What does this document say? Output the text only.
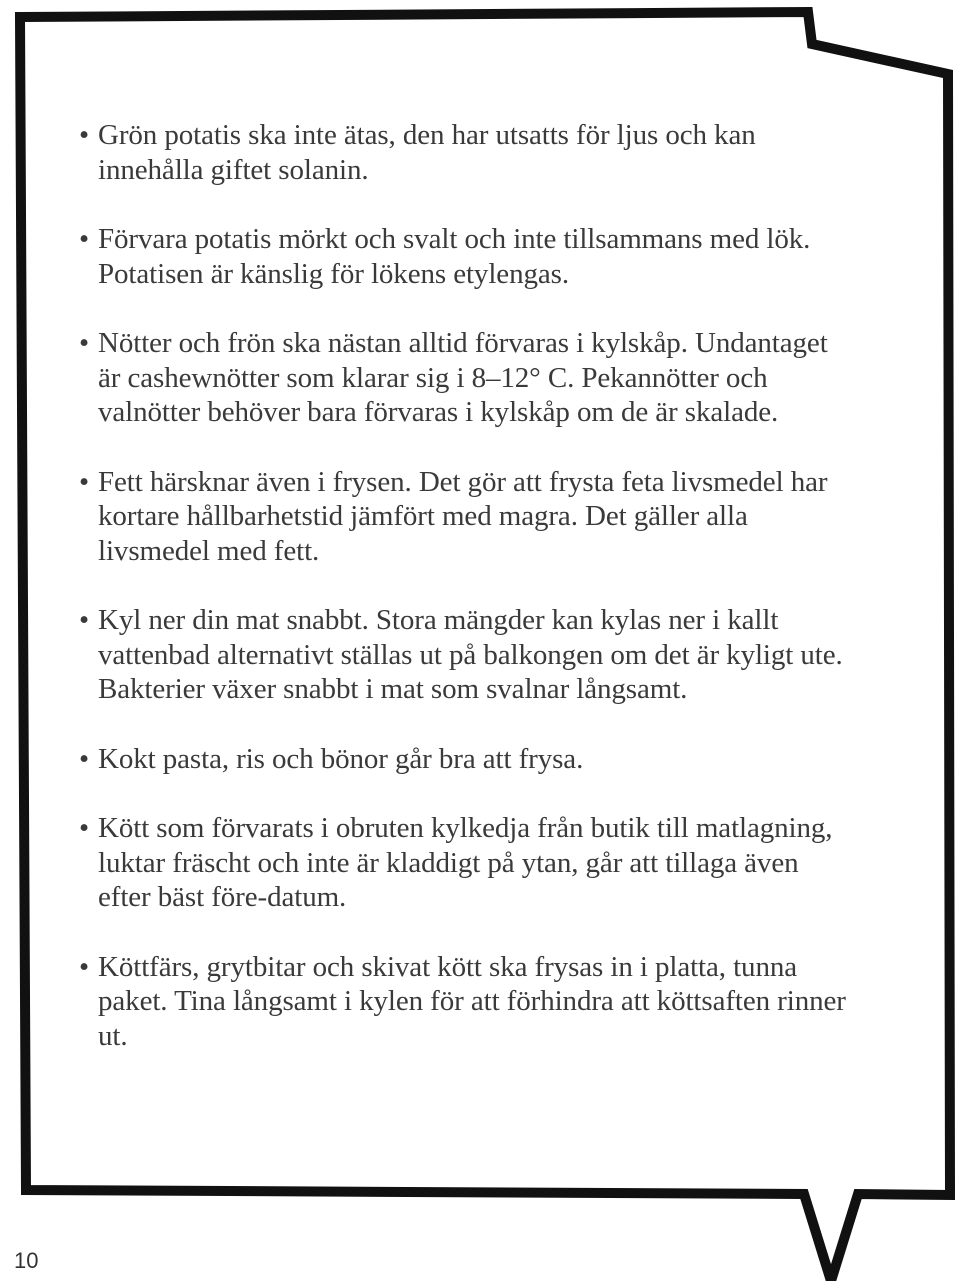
• Grön potatis ska inte ätas, den har utsatts för ljus och kan innehålla giftet solanin.
• Förvara potatis mörkt och svalt och inte tillsammans med lök. Potatisen är känslig för lökens etylengas.
• Nötter och frön ska nästan alltid förvaras i kylskåp. Undantaget är cashewnötter som klarar sig i 8–12° C. Pekannötter och valnötter behöver bara förvaras i kylskåp om de är skalade.
• Fett härsknar även i frysen. Det gör att frysta feta livsmedel har kortare hållbarhetstid jämfört med magra. Det gäller alla livsmedel med fett.
• Kyl ner din mat snabbt. Stora mängder kan kylas ner i kallt vattenbad alternativt ställas ut på balkongen om det är kyligt ute. Bakterier växer snabbt i mat som svalnar långsamt.
• Kokt pasta, ris och bönor går bra att frysa.
• Kött som förvarats i obruten kylkedja från butik till matlagning, luktar fräscht och inte är kladdigt på ytan, går att tillaga även efter bäst före-datum.
• Köttfärs, grytbitar och skivat kött ska frysas in i platta, tunna paket. Tina långsamt i kylen för att förhindra att köttsaften rinner ut.
10
